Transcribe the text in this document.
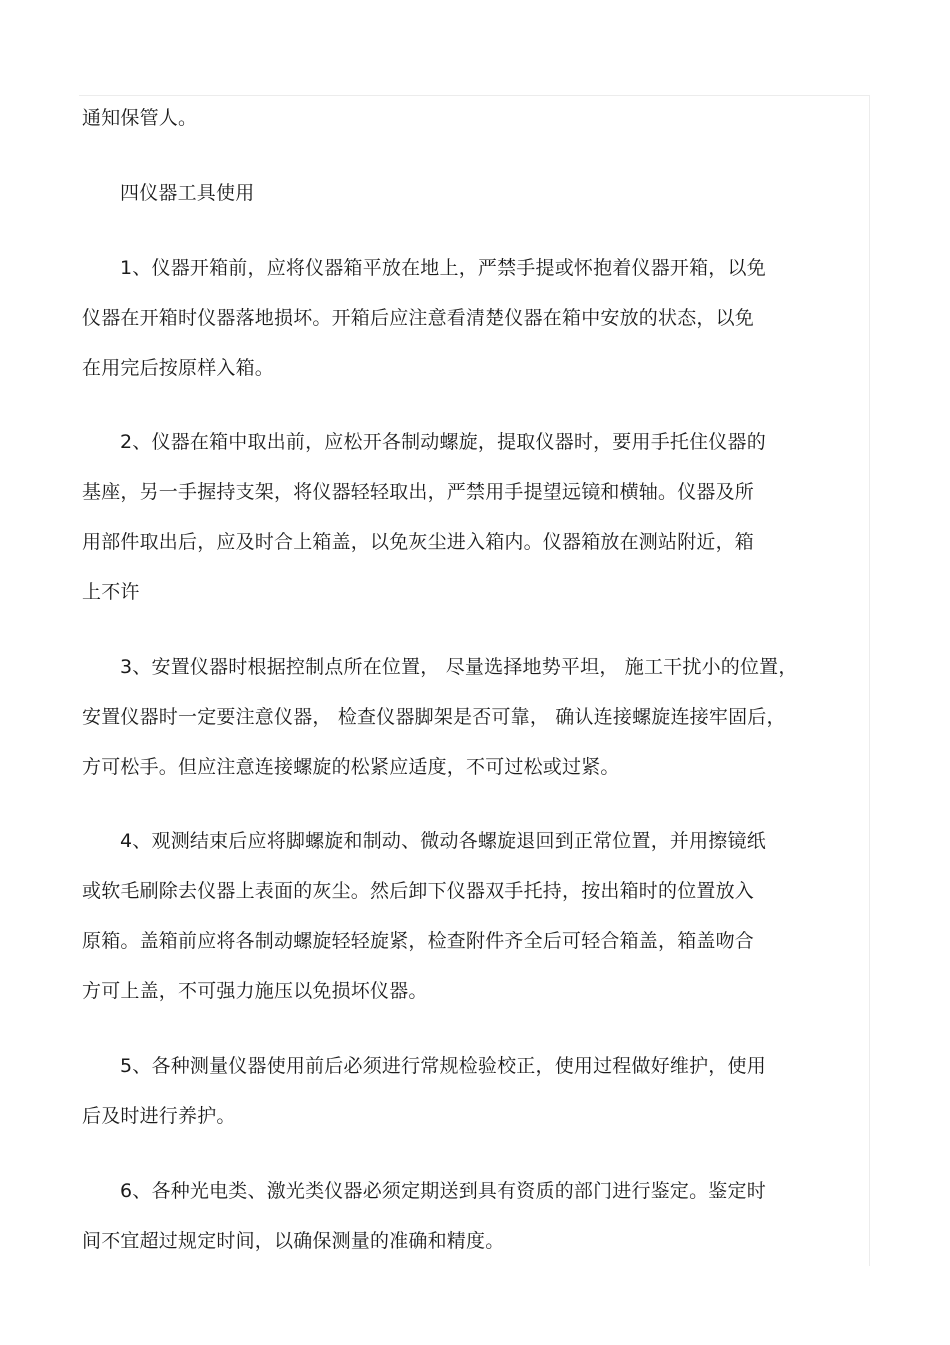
通知保管人。
四仪器工具使用
1、仪器开箱前，应将仪器箱平放在地上，严禁手提或怀抱着仪器开箱，以免
仪器在开箱时仪器落地损坏。开箱后应注意看清楚仪器在箱中安放的状态，以免
在用完后按原样入箱。
2、仪器在箱中取出前，应松开各制动螺旋，提取仪器时，要用手托住仪器的
基座，另一手握持支架，将仪器轻轻取出，严禁用手提望远镜和横轴。仪器及所
用部件取出后，应及时合上箱盖，以免灰尘进入箱内。仪器箱放在测站附近，箱
上不许
3、安置仪器时根据控制点所在位置， 尽量选择地势平坦， 施工干扰小的位置，
安置仪器时一定要注意仪器， 检查仪器脚架是否可靠， 确认连接螺旋连接牢固后，
方可松手。但应注意连接螺旋的松紧应适度，不可过松或过紧。
4、观测结束后应将脚螺旋和制动、微动各螺旋退回到正常位置，并用擦镜纸
或软毛刷除去仪器上表面的灰尘。然后卸下仪器双手托持，按出箱时的位置放入
原箱。盖箱前应将各制动螺旋轻轻旋紧，检查附件齐全后可轻合箱盖，箱盖吻合
方可上盖，不可强力施压以免损坏仪器。
5、各种测量仪器使用前后必须进行常规检验校正，使用过程做好维护，使用
后及时进行养护。
6、各种光电类、激光类仪器必须定期送到具有资质的部门进行鉴定。鉴定时
间不宜超过规定时间，以确保测量的准确和精度。
